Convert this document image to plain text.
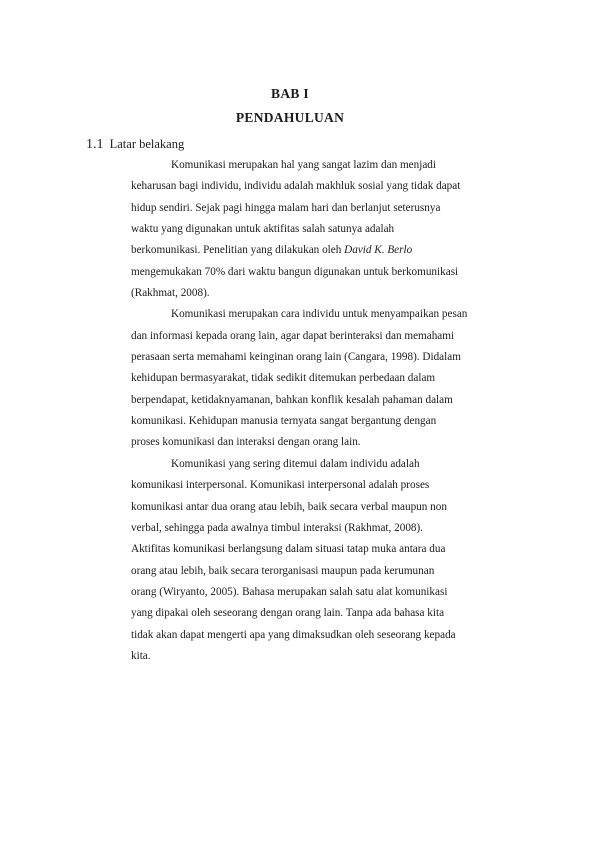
BAB I
PENDAHULUAN
1.1 Latar belakang
Komunikasi merupakan hal yang sangat lazim dan menjadi
keharusan bagi individu, individu adalah makhluk sosial yang tidak dapat
hidup sendiri. Sejak pagi hingga malam hari dan berlanjut seterusnya
waktu yang digunakan untuk aktifitas salah satunya adalah
berkomunikasi. Penelitian yang dilakukan oleh David K. Berlo
mengemukakan 70% dari waktu bangun digunakan untuk berkomunikasi
(Rakhmat, 2008).
Komunikasi merupakan cara individu untuk menyampaikan pesan
dan informasi kepada orang lain, agar dapat berinteraksi dan memahami
perasaan serta memahami keinginan orang lain (Cangara, 1998). Didalam
kehidupan bermasyarakat, tidak sedikit ditemukan perbedaan dalam
berpendapat, ketidaknyamanan, bahkan konflik kesalah pahaman dalam
komunikasi. Kehidupan manusia ternyata sangat bergantung dengan
proses komunikasi dan interaksi dengan orang lain.
Komunikasi yang sering ditemui dalam individu adalah
komunikasi interpersonal. Komunikasi interpersonal adalah proses
komunikasi antar dua orang atau lebih, baik secara verbal maupun non
verbal, sehingga pada awalnya timbul interaksi (Rakhmat, 2008).
Aktifitas komunikasi berlangsung dalam situasi tatap muka antara dua
orang atau lebih, baik secara terorganisasi maupun pada kerumunan
orang (Wiryanto, 2005). Bahasa merupakan salah satu alat komunikasi
yang dipakai oleh seseorang dengan orang lain. Tanpa ada bahasa kita
tidak akan dapat mengerti apa yang dimaksudkan oleh seseorang kepada
kita.
